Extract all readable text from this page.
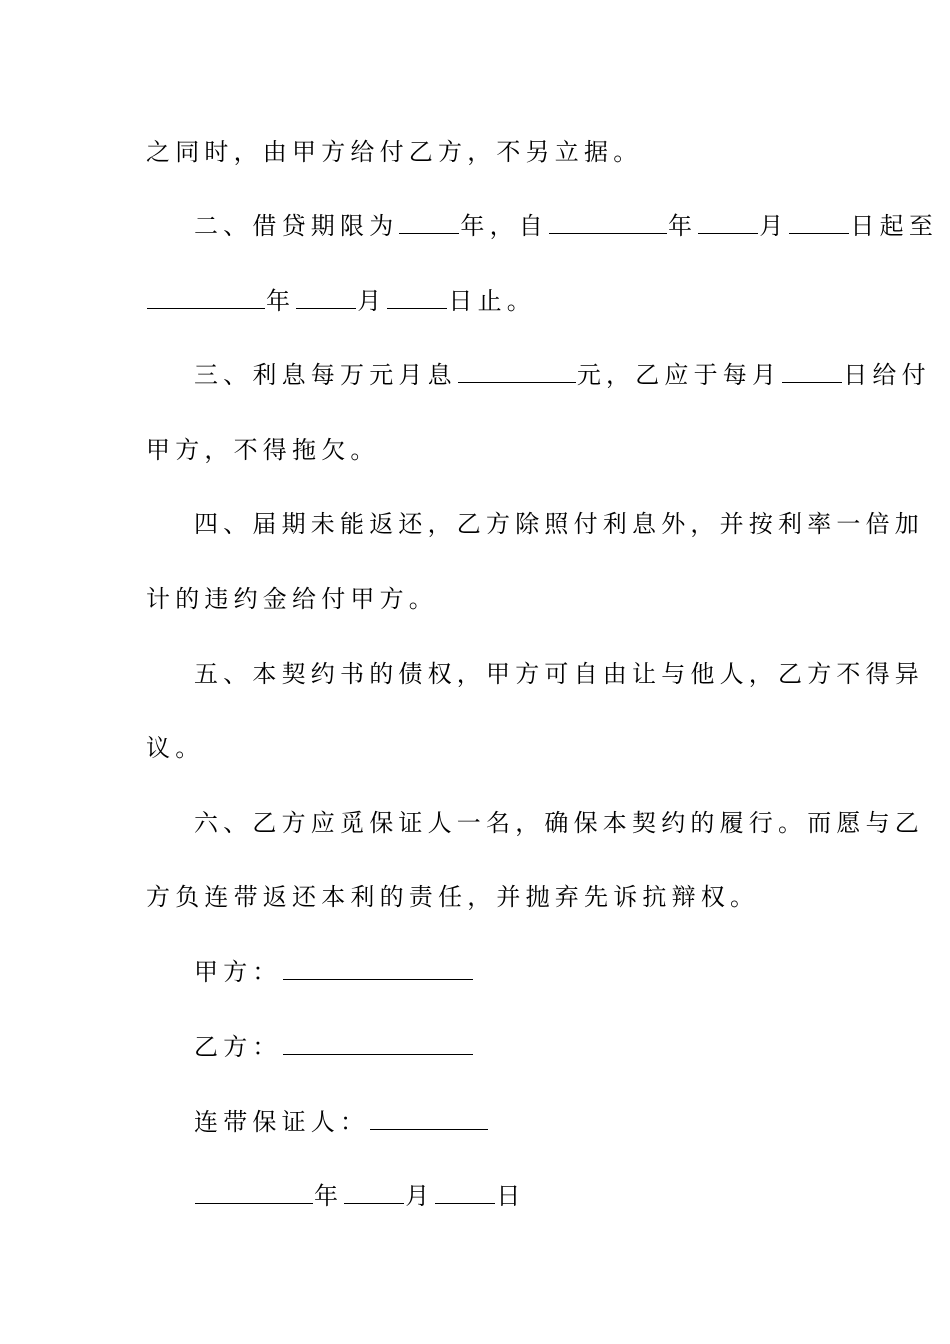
之同时，由甲方给付乙方，不另立据。
二、借贷期限为	年，自	年	月	日起至
年	月	日止。
三、利息每万元月息	元，乙应于每月	日给付
甲方，不得拖欠。
四、届期未能返还，乙方除照付利息外，并按利率一倍加
计的违约金给付甲方。
五、本契约书的债权，甲方可自由让与他人，乙方不得异
议。
六、乙方应觅保证人一名，确保本契约的履行。而愿与乙
方负连带返还本利的责任，并抛弃先诉抗辩权。
甲方：
乙方：
连带保证人：
年	月	日
